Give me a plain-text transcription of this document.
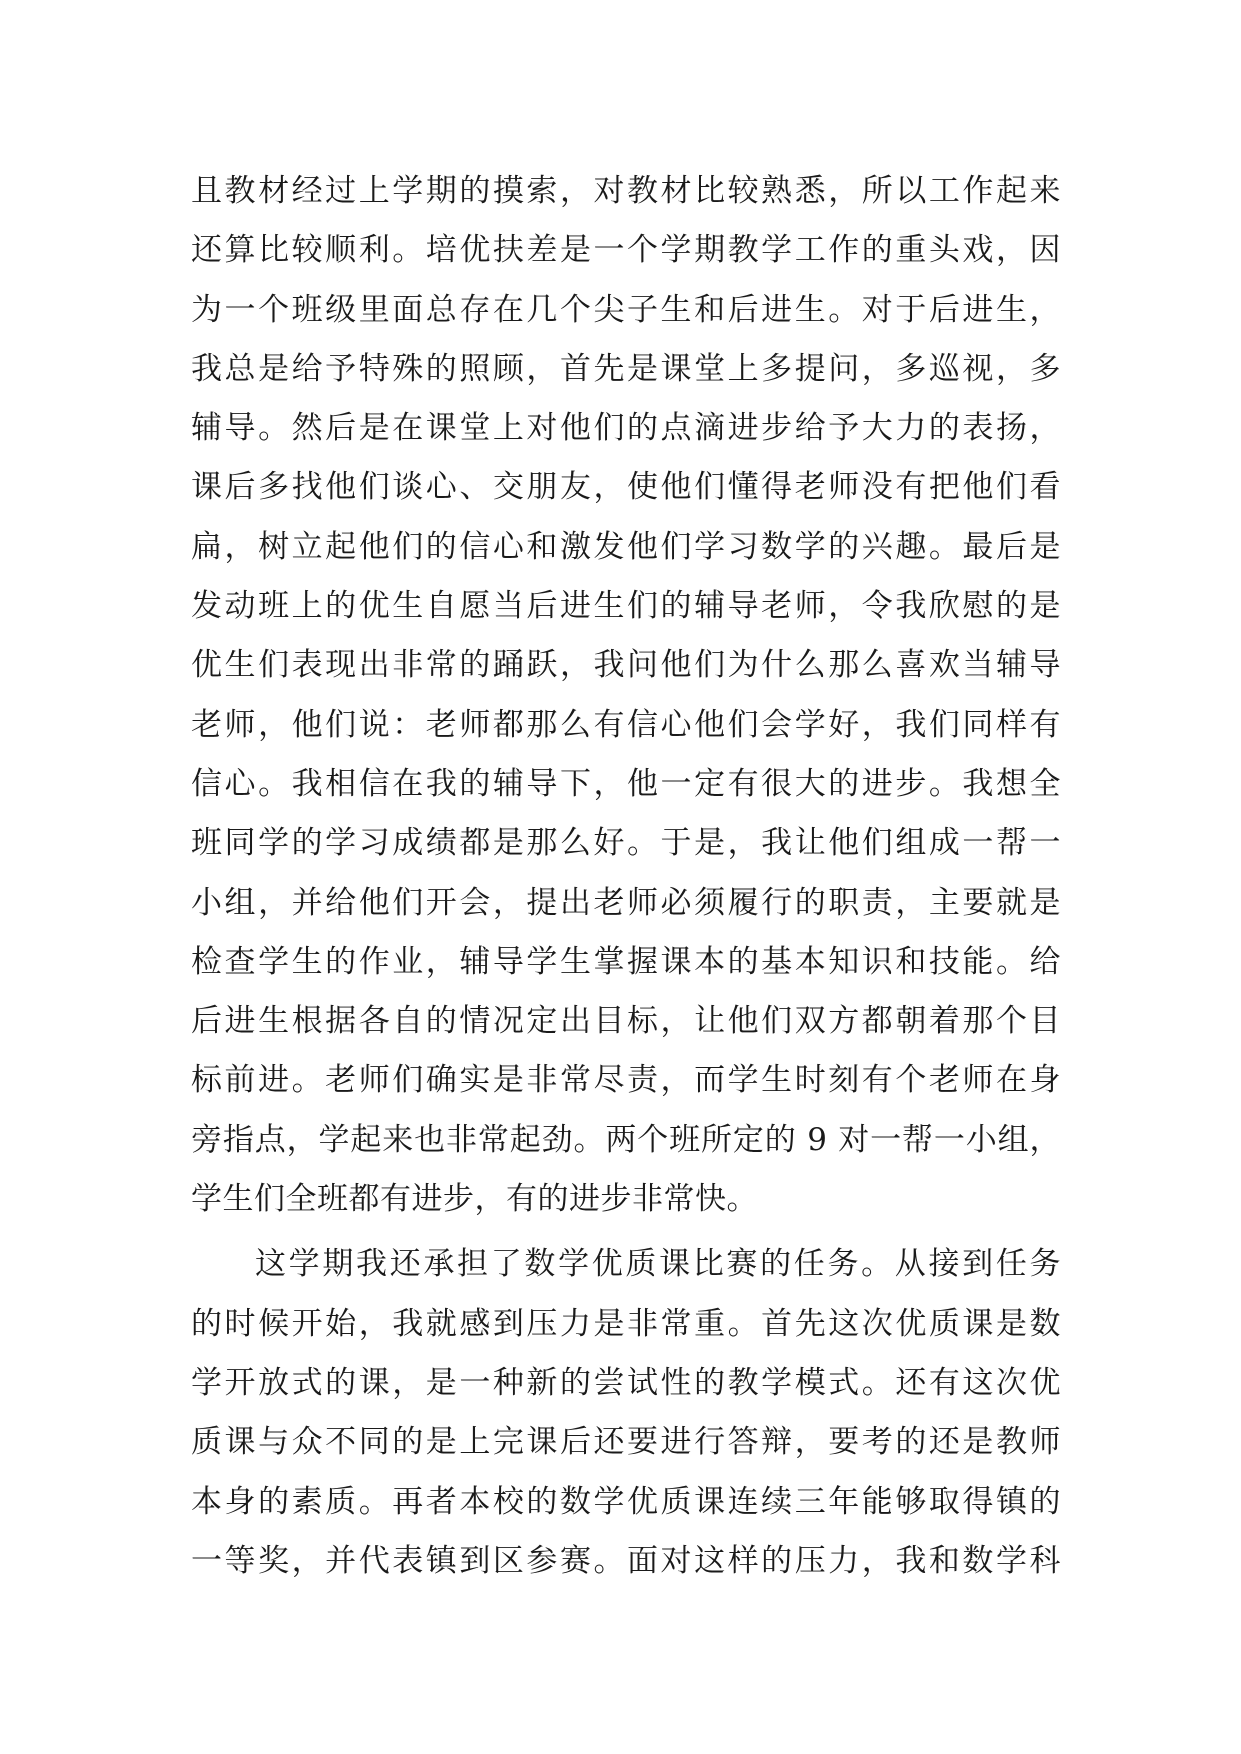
且教材经过上学期的摸索，对教材比较熟悉，所以工作起来
还算比较顺利。培优扶差是一个学期教学工作的重头戏，因
为一个班级里面总存在几个尖子生和后进生。对于后进生，
我总是给予特殊的照顾，首先是课堂上多提问，多巡视，多
辅导。然后是在课堂上对他们的点滴进步给予大力的表扬，
课后多找他们谈心、交朋友，使他们懂得老师没有把他们看
扁，树立起他们的信心和激发他们学习数学的兴趣。最后是
发动班上的优生自愿当后进生们的辅导老师，令我欣慰的是
优生们表现出非常的踊跃，我问他们为什么那么喜欢当辅导
老师，他们说：老师都那么有信心他们会学好，我们同样有
信心。我相信在我的辅导下，他一定有很大的进步。我想全
班同学的学习成绩都是那么好。于是，我让他们组成一帮一
小组，并给他们开会，提出老师必须履行的职责，主要就是
检查学生的作业，辅导学生掌握课本的基本知识和技能。给
后进生根据各自的情况定出目标，让他们双方都朝着那个目
标前进。老师们确实是非常尽责，而学生时刻有个老师在身
旁指点，学起来也非常起劲。两个班所定的 9 对一帮一小组，
学生们全班都有进步，有的进步非常快。
这学期我还承担了数学优质课比赛的任务。从接到任务
的时候开始，我就感到压力是非常重。首先这次优质课是数
学开放式的课，是一种新的尝试性的教学模式。还有这次优
质课与众不同的是上完课后还要进行答辩，要考的还是教师
本身的素质。再者本校的数学优质课连续三年能够取得镇的
一等奖，并代表镇到区参赛。面对这样的压力，我和数学科
